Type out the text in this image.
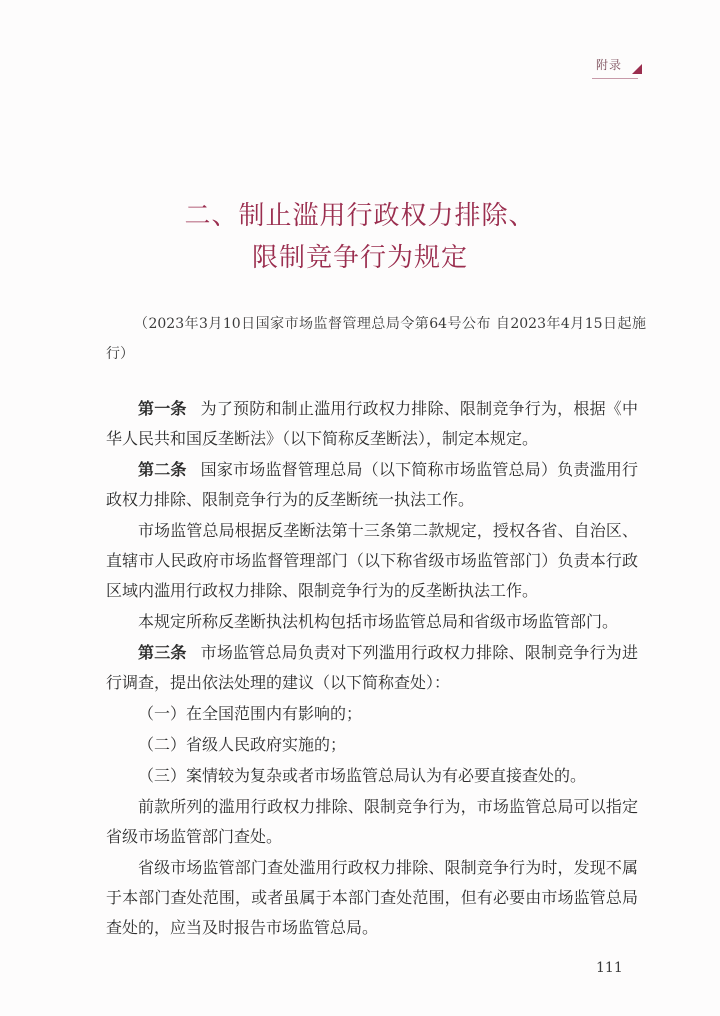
附录
二、制止滥用行政权力排除、
限制竞争行为规定
（2023年3月10日国家市场监督管理总局令第64号公布 自2023年4月15日起施行）

第一条 为了预防和制止滥用行政权力排除、限制竞争行为，根据《中华人民共和国反垄断法》（以下简称反垄断法），制定本规定。

第二条 国家市场监督管理总局（以下简称市场监管总局）负责滥用行政权力排除、限制竞争行为的反垄断统一执法工作。

市场监管总局根据反垄断法第十三条第二款规定，授权各省、自治区、直辖市人民政府市场监督管理部门（以下称省级市场监管部门）负责本行政区域内滥用行政权力排除、限制竞争行为的反垄断执法工作。

本规定所称反垄断执法机构包括市场监管总局和省级市场监管部门。

第三条 市场监管总局负责对下列滥用行政权力排除、限制竞争行为进行调查，提出依法处理的建议（以下简称查处）：

（一）在全国范围内有影响的；

（二）省级人民政府实施的；

（三）案情较为复杂或者市场监管总局认为有必要直接查处的。

前款所列的滥用行政权力排除、限制竞争行为，市场监管总局可以指定省级市场监管部门查处。

省级市场监管部门查处滥用行政权力排除、限制竞争行为时，发现不属于本部门查处范围，或者虽属于本部门查处范围，但有必要由市场监管总局查处的，应当及时报告市场监管总局。

111
